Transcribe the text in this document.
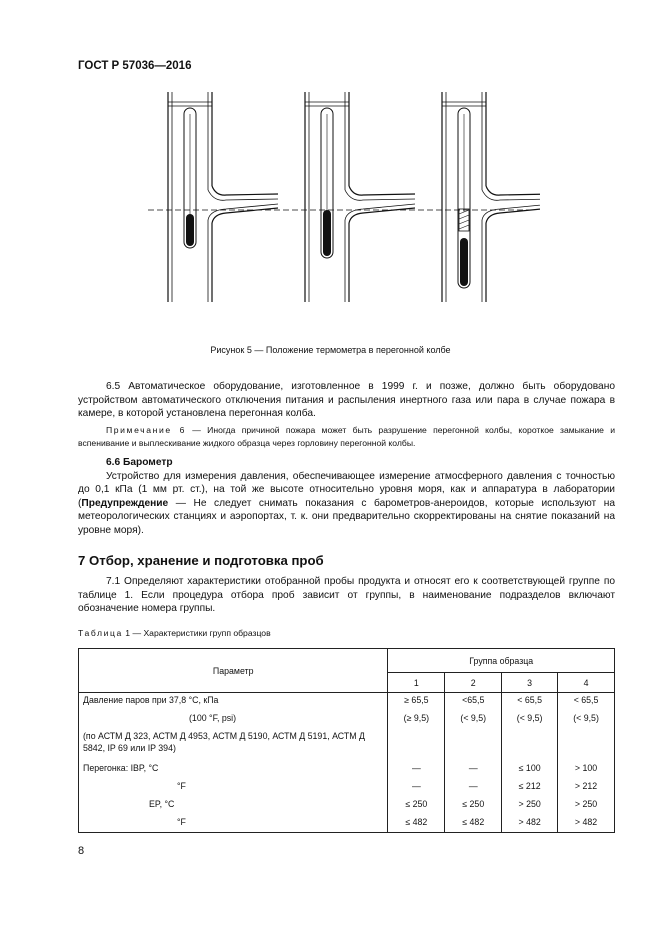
ГОСТ Р 57036—2016
Рисунок 5 — Положение термометра в перегонной колбе
6.5 Автоматическое оборудование, изготовленное в 1999 г. и позже, должно быть оборудовано устройством автоматического отключения питания и распыления инертного газа или пара в случае пожара в камере, в которой установлена перегонная колба.
Примечание 6 — Иногда причиной пожара может быть разрушение перегонной колбы, короткое замыкание и вспенивание и выплескивание жидкого образца через горловину перегонной колбы.
6.6 Барометр
Устройство для измерения давления, обеспечивающее измерение атмосферного давления с точностью до 0,1 кПа (1 мм рт. ст.), на той же высоте относительно уровня моря, как и аппаратура в лаборатории (Предупреждение — Не следует снимать показания с барометров-анероидов, которые используют на метеорологических станциях и аэропортах, т. к. они предварительно скорректированы на снятие показаний на уровне моря).
7 Отбор, хранение и подготовка проб
7.1 Определяют характеристики отобранной пробы продукта и относят его к соответствующей группе по таблице 1. Если процедура отбора проб зависит от группы, в наименование подразделов включают обозначение номера группы.
Таблица 1 — Характеристики групп образцов
Параметр	Группа образца			
	1	2	3	4
Давление паров при 37,8 °С, кПа	≥ 65,5	<65,5	< 65,5	< 65,5
(100 °F, psi)	(≥ 9,5)	(< 9,5)	(< 9,5)	(< 9,5)
(по АСТМ Д 323, АСТМ Д 4953, АСТМ Д 5190, АСТМ Д 5191, АСТМ Д 5842, IP 69 или IP 394)				
Перегонка: IBP, °С	—	—	≤ 100	> 100
°F	—	—	≤ 212	> 212
EP, °С	≤ 250	≤ 250	> 250	> 250
°F	≤ 482	≤ 482	> 482	> 482
8
